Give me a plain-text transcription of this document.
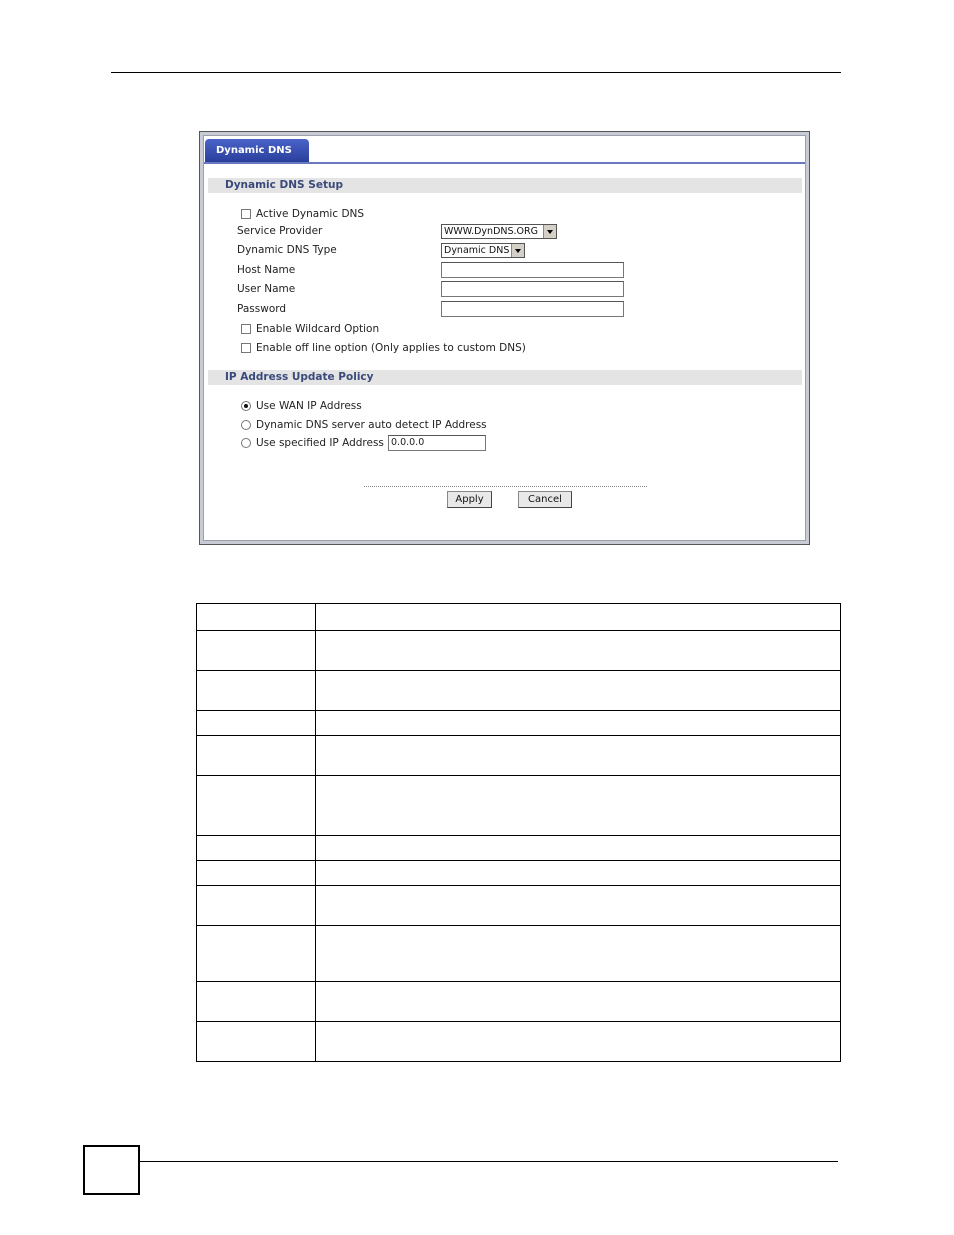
Dynamic DNS
Dynamic DNS Setup
Active Dynamic DNS
Service Provider	WWW.DynDNS.ORG
Dynamic DNS Type	Dynamic DNS
Host Name
User Name
Password
Enable Wildcard Option
Enable off line option (Only applies to custom DNS)
IP Address Update Policy
Use WAN IP Address
Dynamic DNS server auto detect IP Address
Use specified IP Address 0.0.0.0
Apply	Cancel
